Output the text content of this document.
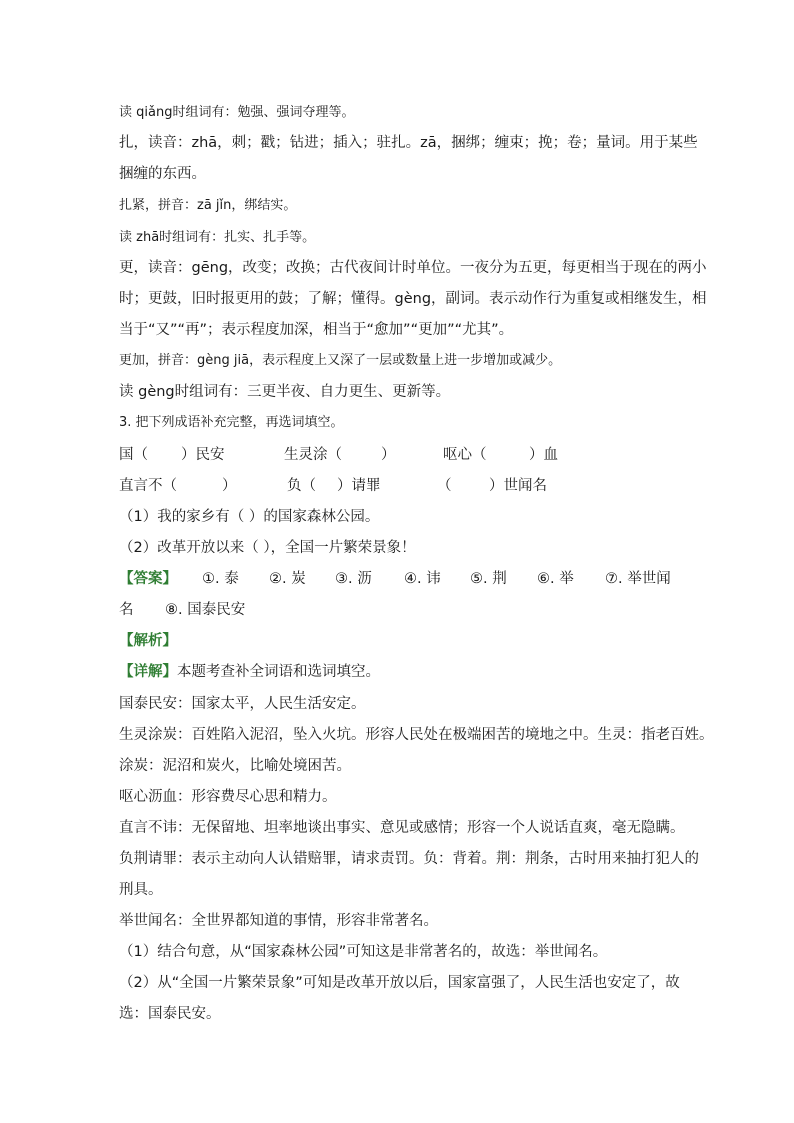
读 qiǎng时组词有：勉强、强词夺理等。
扎，读音：zhā，刺；戳；钻进；插入；驻扎。zā，捆绑；缠束；挽；卷；量词。用于某些
捆缠的东西。
扎紧，拼音：zā jǐn，绑结实。
读 zhā时组词有：扎实、扎手等。
更，读音：gēng，改变；改换；古代夜间计时单位。一夜分为五更，每更相当于现在的两小
时；更鼓，旧时报更用的鼓；了解；懂得。gèng，副词。表示动作行为重复或相继发生，相
当于“又”“再”；表示程度加深，相当于“愈加”“更加”“尤其”。
更加，拼音：gèng jiā，表示程度上又深了一层或数量上进一步增加或减少。
读 gèng时组词有：三更半夜、自力更生、更新等。
3. 把下列成语补充完整，再选词填空。
国（ ）民安	生灵涂（	）	呕心（	）血
直言不（	）	负（ ）请罪	（	）世闻名
（1）我的家乡有（ ）的国家森林公园。
（2）改革开放以来（ ），全国一片繁荣景象！
【答案】 ①. 泰 ②. 炭 ③. 沥 ④. 讳 ⑤. 荆 ⑥. 举 ⑦. 举世闻
名 ⑧. 国泰民安
【解析】
【详解】本题考查补全词语和选词填空。
国泰民安：国家太平，人民生活安定。
生灵涂炭：百姓陷入泥沼，坠入火坑。形容人民处在极端困苦的境地之中。生灵：指老百姓。
涂炭：泥沼和炭火，比喻处境困苦。
呕心沥血：形容费尽心思和精力。
直言不讳：无保留地、坦率地谈出事实、意见或感情；形容一个人说话直爽，毫无隐瞒。
负荆请罪：表示主动向人认错赔罪，请求责罚。负：背着。荆：荆条，古时用来抽打犯人的
刑具。
举世闻名：全世界都知道的事情，形容非常著名。
（1）结合句意，从“国家森林公园”可知这是非常著名的，故选：举世闻名。
（2）从“全国一片繁荣景象”可知是改革开放以后，国家富强了，人民生活也安定了，故
选：国泰民安。
